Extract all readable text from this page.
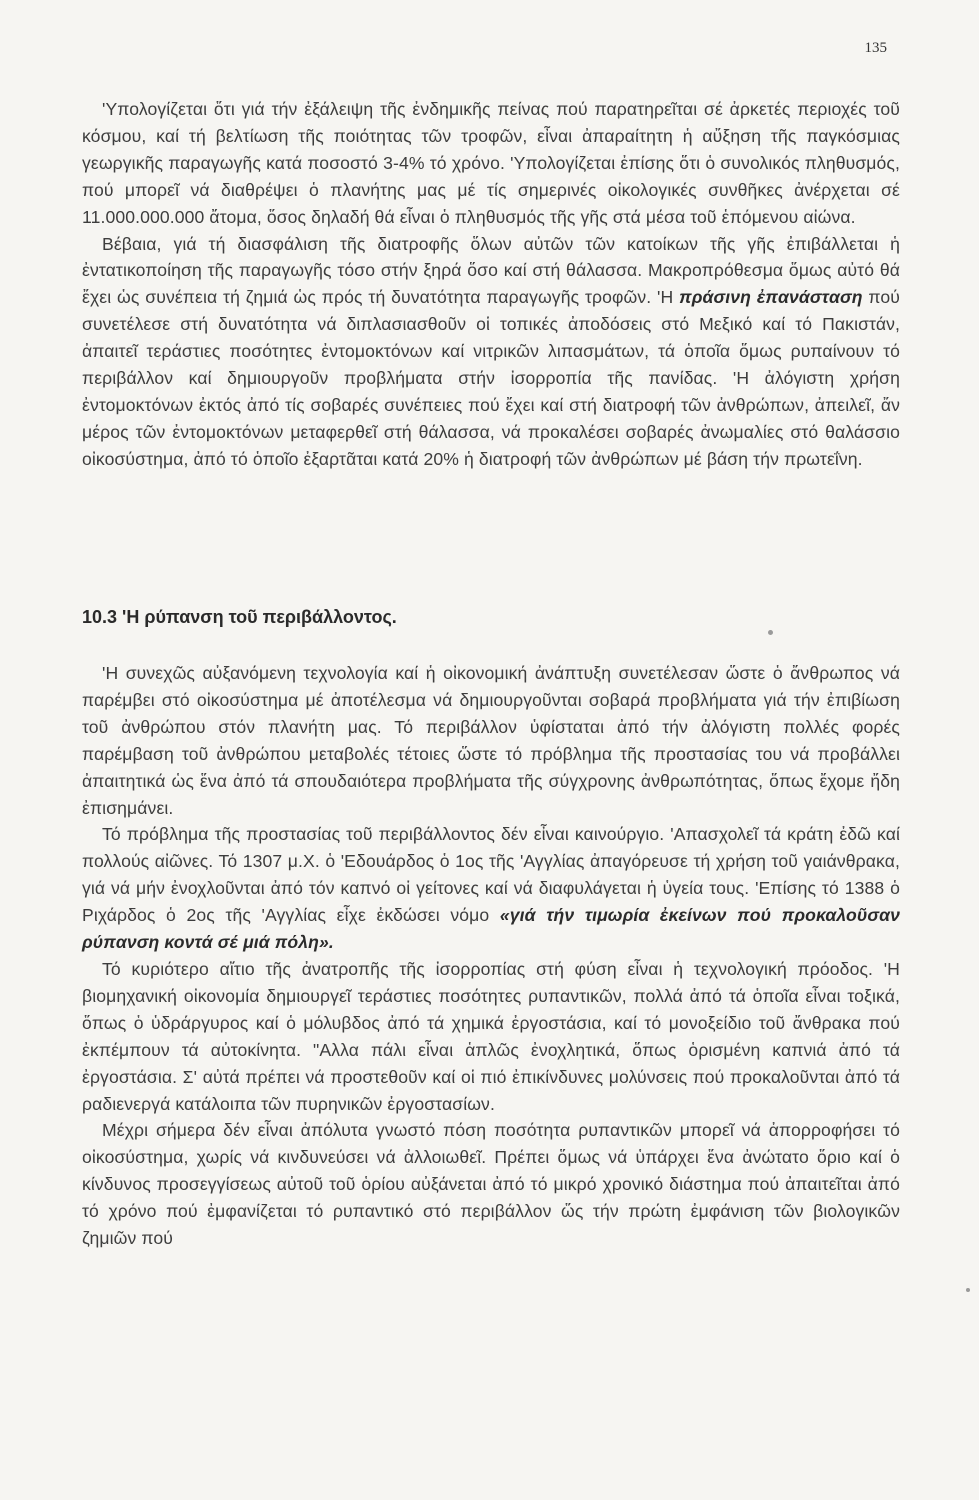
135

'Υπολογίζεται ὅτι γιά τήν ἐξάλειψη τῆς ἐνδημικῆς πείνας πού παρατηρεῖται σέ ἀρκετές περιοχές τοῦ κόσμου, καί τή βελτίωση τῆς ποιότητας τῶν τροφῶν, εἶναι ἀπαραίτητη ἡ αὔξηση τῆς παγκόσμιας γεωργικῆς παραγωγῆς κατά ποσοστό 3-4% τό χρόνο. 'Υπολογίζεται ἐπίσης ὅτι ὁ συνολικός πληθυσμός, πού μπορεῖ νά διαθρέψει ὁ πλανήτης μας μέ τίς σημερινές οἰκολογικές συνθῆκες ἀνέρχεται σέ 11.000.000.000 ἄτομα, ὅσος δηλαδή θά εἶναι ὁ πληθυσμός τῆς γῆς στά μέσα τοῦ ἑπόμενου αἰώνα.

Βέβαια, γιά τή διασφάλιση τῆς διατροφῆς ὅλων αὐτῶν τῶν κατοίκων τῆς γῆς ἐπιβάλλεται ἡ ἐντατικοποίηση τῆς παραγωγῆς τόσο στήν ξηρά ὅσο καί στή θάλασσα. Μακροπρόθεσμα ὅμως αὐτό θά ἔχει ὡς συνέπεια τή ζημιά ὡς πρός τή δυνατότητα παραγωγῆς τροφῶν. 'Η πράσινη ἐπανάσταση πού συνετέλεσε στή δυνατότητα νά διπλασιασθοῦν οἱ τοπικές ἀποδόσεις στό Μεξικό καί τό Πακιστάν, ἀπαιτεῖ τεράστιες ποσότητες ἐντομοκτόνων καί νιτρικῶν λιπασμάτων, τά ὁποῖα ὅμως ρυπαίνουν τό περιβάλλον καί δημιουργοῦν προβλήματα στήν ἰσορροπία τῆς πανίδας. 'Η ἀλόγιστη χρήση ἐντομοκτόνων ἐκτός ἀπό τίς σοβαρές συνέπειες πού ἔχει καί στή διατροφή τῶν ἀνθρώπων, ἀπειλεῖ, ἄν μέρος τῶν ἐντομοκτόνων μεταφερθεῖ στή θάλασσα, νά προκαλέσει σοβαρές ἀνωμαλίες στό θαλάσσιο οἰκοσύστημα, ἀπό τό ὁποῖο ἐξαρτᾶται κατά 20% ἡ διατροφή τῶν ἀνθρώπων μέ βάση τήν πρωτεΐνη.

10.3 'Η ρύπανση τοῦ περιβάλλοντος.

'Η συνεχῶς αὐξανόμενη τεχνολογία καί ἡ οἰκονομική ἀνάπτυξη συνετέλεσαν ὥστε ὁ ἄνθρωπος νά παρέμβει στό οἰκοσύστημα μέ ἀποτέλεσμα νά δημιουργοῦνται σοβαρά προβλήματα γιά τήν ἐπιβίωση τοῦ ἀνθρώπου στόν πλανήτη μας. Τό περιβάλλον ὑφίσταται ἀπό τήν ἀλόγιστη πολλές φορές παρέμβαση τοῦ ἀνθρώπου μεταβολές τέτοιες ὥστε τό πρόβλημα τῆς προστασίας του νά προβάλλει ἀπαιτητικά ὡς ἕνα ἀπό τά σπουδαιότερα προβλήματα τῆς σύγχρονης ἀνθρωπότητας, ὅπως ἔχομε ἤδη ἐπισημάνει.

Τό πρόβλημα τῆς προστασίας τοῦ περιβάλλοντος δέν εἶναι καινούργιο. 'Απασχολεῖ τά κράτη ἐδῶ καί πολλούς αἰῶνες. Τό 1307 μ.Χ. ὁ 'Εδουάρδος ὁ 1ος τῆς 'Αγγλίας ἀπαγόρευσε τή χρήση τοῦ γαιάνθρακα, γιά νά μήν ἐνοχλοῦνται ἀπό τόν καπνό οἱ γείτονες καί νά διαφυλάγεται ἡ ὑγεία τους. 'Επίσης τό 1388 ὁ Ριχάρδος ὁ 2ος τῆς 'Αγγλίας εἶχε ἐκδώσει νόμο «γιά τήν τιμωρία ἐκείνων πού προκαλοῦσαν ρύπανση κοντά σέ μιά πόλη».

Τό κυριότερο αἴτιο τῆς ἀνατροπῆς τῆς ἰσορροπίας στή φύση εἶναι ἡ τεχνολογική πρόοδος. 'Η βιομηχανική οἰκονομία δημιουργεῖ τεράστιες ποσότητες ρυπαντικῶν, πολλά ἀπό τά ὁποῖα εἶναι τοξικά, ὅπως ὁ ὑδράργυρος καί ὁ μόλυβδος ἀπό τά χημικά ἐργοστάσια, καί τό μονοξείδιο τοῦ ἄνθρακα πού ἐκπέμπουν τά αὐτοκίνητα. "Αλλα πάλι εἶναι ἁπλῶς ἐνοχλητικά, ὅπως ὁρισμένη καπνιά ἀπό τά ἐργοστάσια. Σ' αὐτά πρέπει νά προστεθοῦν καί οἱ πιό ἐπικίνδυνες μολύνσεις πού προκαλοῦνται ἀπό τά ραδιενεργά κατάλοιπα τῶν πυρηνικῶν ἐργοστασίων.

Μέχρι σήμερα δέν εἶναι ἀπόλυτα γνωστό πόση ποσότητα ρυπαντικῶν μπορεῖ νά ἀπορροφήσει τό οἰκοσύστημα, χωρίς νά κινδυνεύσει νά ἀλλοιωθεῖ. Πρέπει ὅμως νά ὑπάρχει ἕνα ἀνώτατο ὅριο καί ὁ κίνδυνος προσεγγίσεως αὐτοῦ τοῦ ὁρίου αὐξάνεται ἀπό τό μικρό χρονικό διάστημα πού ἀπαιτεῖται ἀπό τό χρόνο πού ἐμφανίζεται τό ρυπαντικό στό περιβάλλον ὥς τήν πρώτη ἐμφάνιση τῶν βιολογικῶν ζημιῶν πού
